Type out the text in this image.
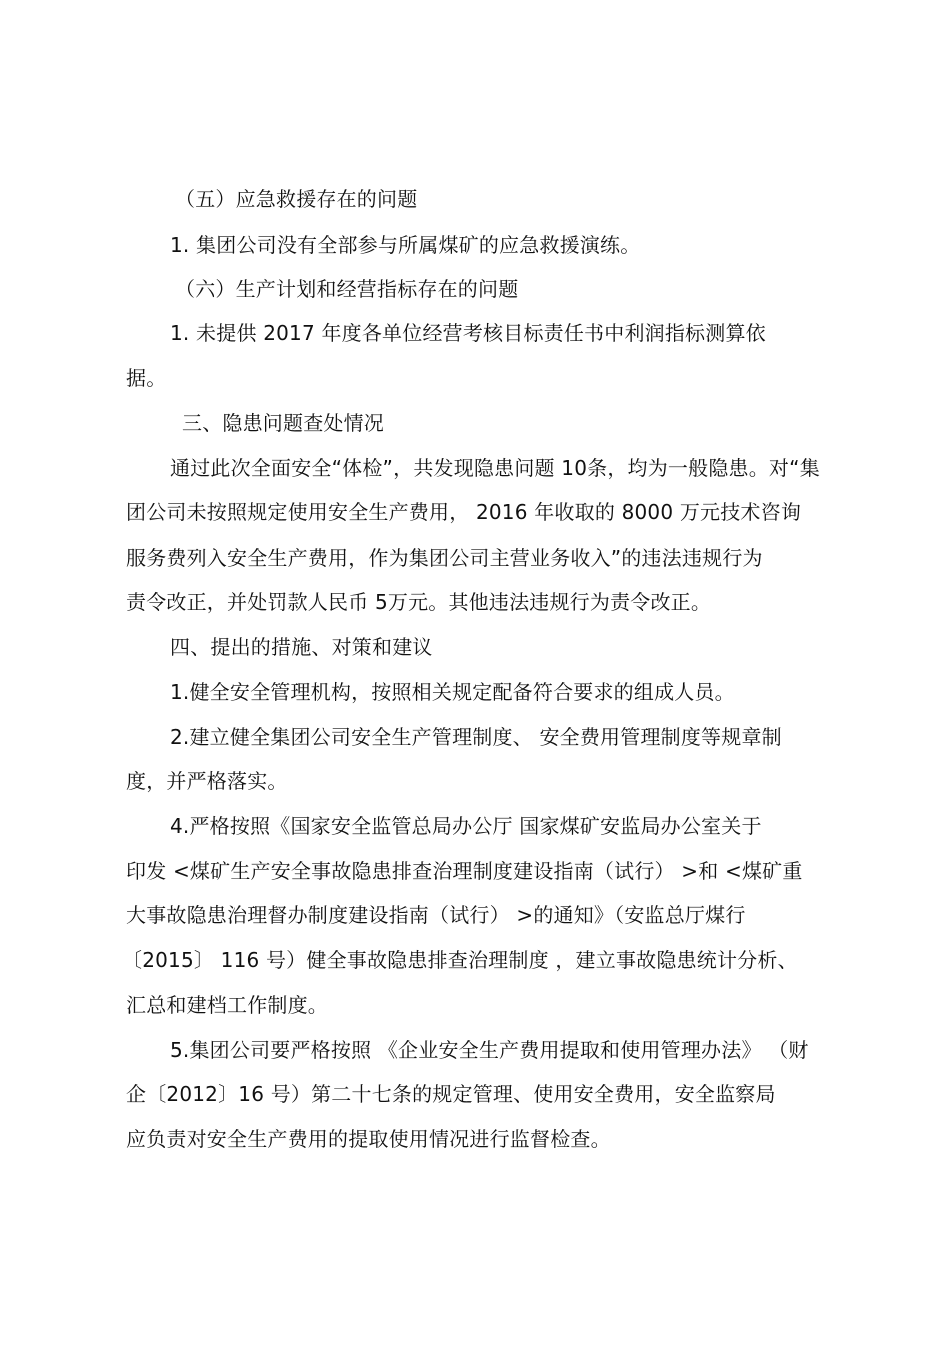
（五）应急救援存在的问题
1. 集团公司没有全部参与所属煤矿的应急救援演练。
（六）生产计划和经营指标存在的问题
1. 未提供 2017 年度各单位经营考核目标责任书中利润指标测算依
据。
三、隐患问题查处情况
通过此次全面安全“体检”，共发现隐患问题 10条，均为一般隐患。对“集
团公司未按照规定使用安全生产费用， 2016 年收取的 8000 万元技术咨询
服务费列入安全生产费用，作为集团公司主营业务收入”的违法违规行为
责令改正，并处罚款人民币 5万元。其他违法违规行为责令改正。
四、提出的措施、对策和建议
1.健全安全管理机构，按照相关规定配备符合要求的组成人员。
2.建立健全集团公司安全生产管理制度、 安全费用管理制度等规章制
度，并严格落实。
4.严格按照《国家安全监管总局办公厅 国家煤矿安监局办公室关于
印发 <煤矿生产安全事故隐患排查治理制度建设指南（试行） >和 <煤矿重
大事故隐患治理督办制度建设指南（试行） >的通知》（安监总厅煤行
〔2015〕 116 号）健全事故隐患排查治理制度 ，建立事故隐患统计分析、
汇总和建档工作制度。
5.集团公司要严格按照 《企业安全生产费用提取和使用管理办法》 （财
企〔2012〕16 号）第二十七条的规定管理、使用安全费用，安全监察局
应负责对安全生产费用的提取使用情况进行监督检查。
